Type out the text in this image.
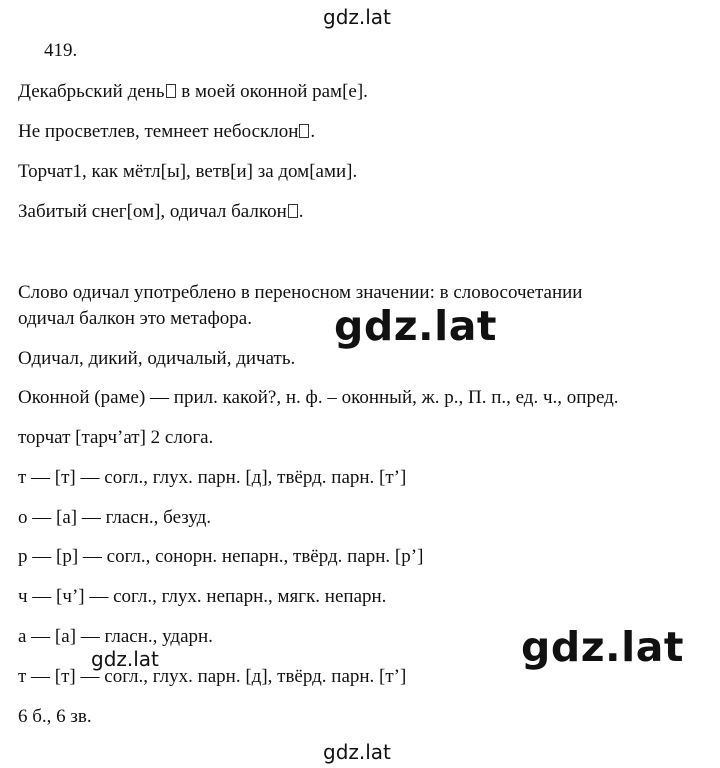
gdz.lat
419.
Декабрьский день в моей оконной рам[е].
Не просветлев, темнеет небосклон .
Торчат1, как мётл[ы], ветв[и] за дом[ами].
Забитый снег[ом], одичал балкон .
Слово одичал употреблено в переносном значении: в словосочетании
одичал балкон это метафора. gdz.lat
Одичал, дикий, одичалый, дичать.
Оконной (раме) — прил. какой?, н. ф. – оконный, ж. р., П. п., ед. ч., опред.
торчат [тарч’ат] 2 слога.
т — [т] — согл., глух. парн. [д], твёрд. парн. [т’]
о — [а] — гласн., безуд.
р — [р] — согл., сонорн. непарн., твёрд. парн. [р’]
ч — [ч’] — согл., глух. непарн., мягк. непарн.
а — [а] — гласн., ударн.
т — [т] — согл., глух. парн. [д], твёрд. парн. [т’]
gdz.lat
gdz.lat
6 б., 6 зв.
gdz.lat
